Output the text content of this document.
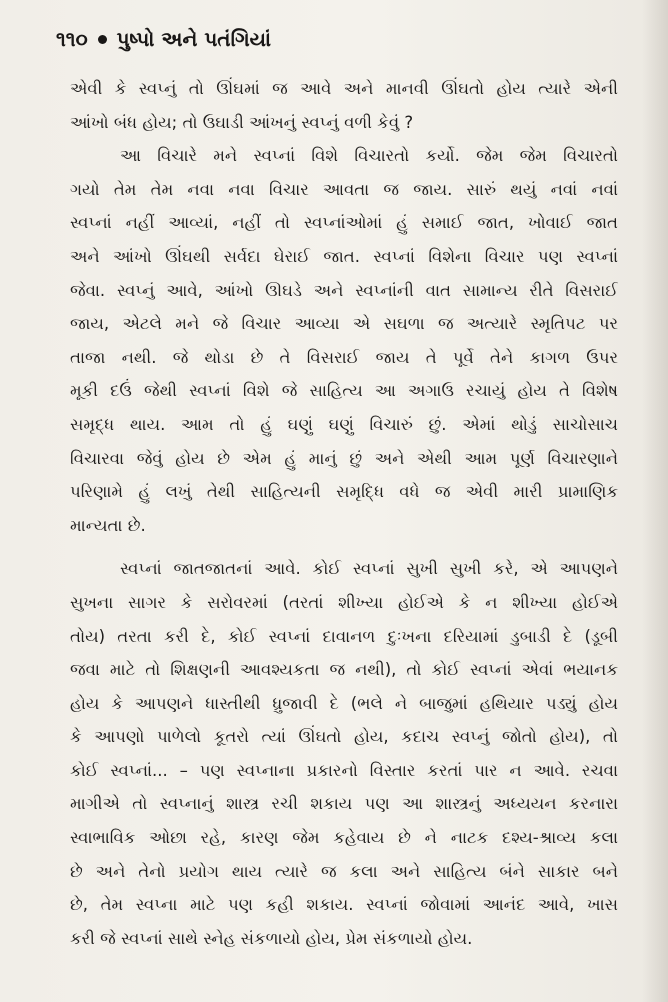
૧૧૦ પુષ્પો અને પતંગિયાં
એવી કે સ્વપ્નું તો ઊંઘમાં જ આવે અને માનવી ઊંઘતો હોય ત્યારે એની
આંખો બંધ હોય; તો ઉઘાડી આંખનું સ્વપ્નું વળી કેવું ?
આ વિચારે મને સ્વપ્નાં વિશે વિચારતો કર્યો. જેમ જેમ વિચારતો
ગયો તેમ તેમ નવા નવા વિચાર આવતા જ જાય. સારું થયું નવાં નવાં
સ્વપ્નાં નહીં આવ્યાં, નહીં તો સ્વપ્નાંઓમાં હું સમાઈ જાત, ખોવાઈ જાત
અને આંખો ઊંઘથી સર્વદા ઘેરાઈ જાત. સ્વપ્નાં વિશેના વિચાર પણ સ્વપ્નાં
જેવા. સ્વપ્નું આવે, આંખો ઊઘડે અને સ્વપ્નાંની વાત સામાન્ય રીતે વિસરાઈ
જાય, એટલે મને જે વિચાર આવ્યા એ સઘળા જ અત્યારે સ્મૃતિપટ પર
તાજા નથી. જે થોડા છે તે વિસરાઈ જાય તે પૂર્વે તેને કાગળ ઉપર
મૂકી દઉં જેથી સ્વપ્નાં વિશે જે સાહિત્ય આ અગાઉ રચાયું હોય તે વિશેષ
સમૃદ્ધ થાય. આમ તો હું ઘણું ઘણું વિચારું છું. એમાં થોડું સાચોસાચ
વિચારવા જેવું હોય છે એમ હું માનું છું અને એથી આમ પૂર્ણ વિચારણાને
પરિણામે હું લખું તેથી સાહિત્યની સમૃદ્ધિ વધે જ એવી મારી પ્રામાણિક
માન્યતા છે.
સ્વપ્નાં જાતજાતનાં આવે. કોઈ સ્વપ્નાં સુખી સુખી કરે, એ આપણને
સુખના સાગર કે સરોવરમાં (તરતાં શીખ્યા હોઈએ કે ન શીખ્યા હોઈએ
તોય) તરતા કરી દે, કોઈ સ્વપ્નાં દાવાનળ દુઃખના દરિયામાં ડુબાડી દે (ડૂબી
જવા માટે તો શિક્ષણની આવશ્યકતા જ નથી), તો કોઈ સ્વપ્નાં એવાં ભયાનક
હોય કે આપણને ધાસ્તીથી ધ્રુજાવી દે (ભલે ને બાજુમાં હથિયાર પડ્યું હોય
કે આપણો પાળેલો કૂતરો ત્યાં ઊંઘતો હોય, કદાચ સ્વપ્નું જોતો હોય), તો
કોઈ સ્વપ્નાં... – પણ સ્વપ્નાના પ્રકારનો વિસ્તાર કરતાં પાર ન આવે. રચવા
માગીએ તો સ્વપ્નાનું શાસ્ત્ર રચી શકાય પણ આ શાસ્ત્રનું અધ્યયન કરનારા
સ્વાભાવિક ઓછા રહે, કારણ જેમ કહેવાય છે ને નાટક દશ્ય-શ્રાવ્ય કલા
છે અને તેનો પ્રયોગ થાય ત્યારે જ કલા અને સાહિત્ય બંને સાકાર બને
છે, તેમ સ્વપ્ના માટે પણ કહી શકાય. સ્વપ્નાં જોવામાં આનંદ આવે, ખાસ
કરી જે સ્વપ્નાં સાથે સ્નેહ સંકળાયો હોય, પ્રેમ સંકળાયો હોય.
